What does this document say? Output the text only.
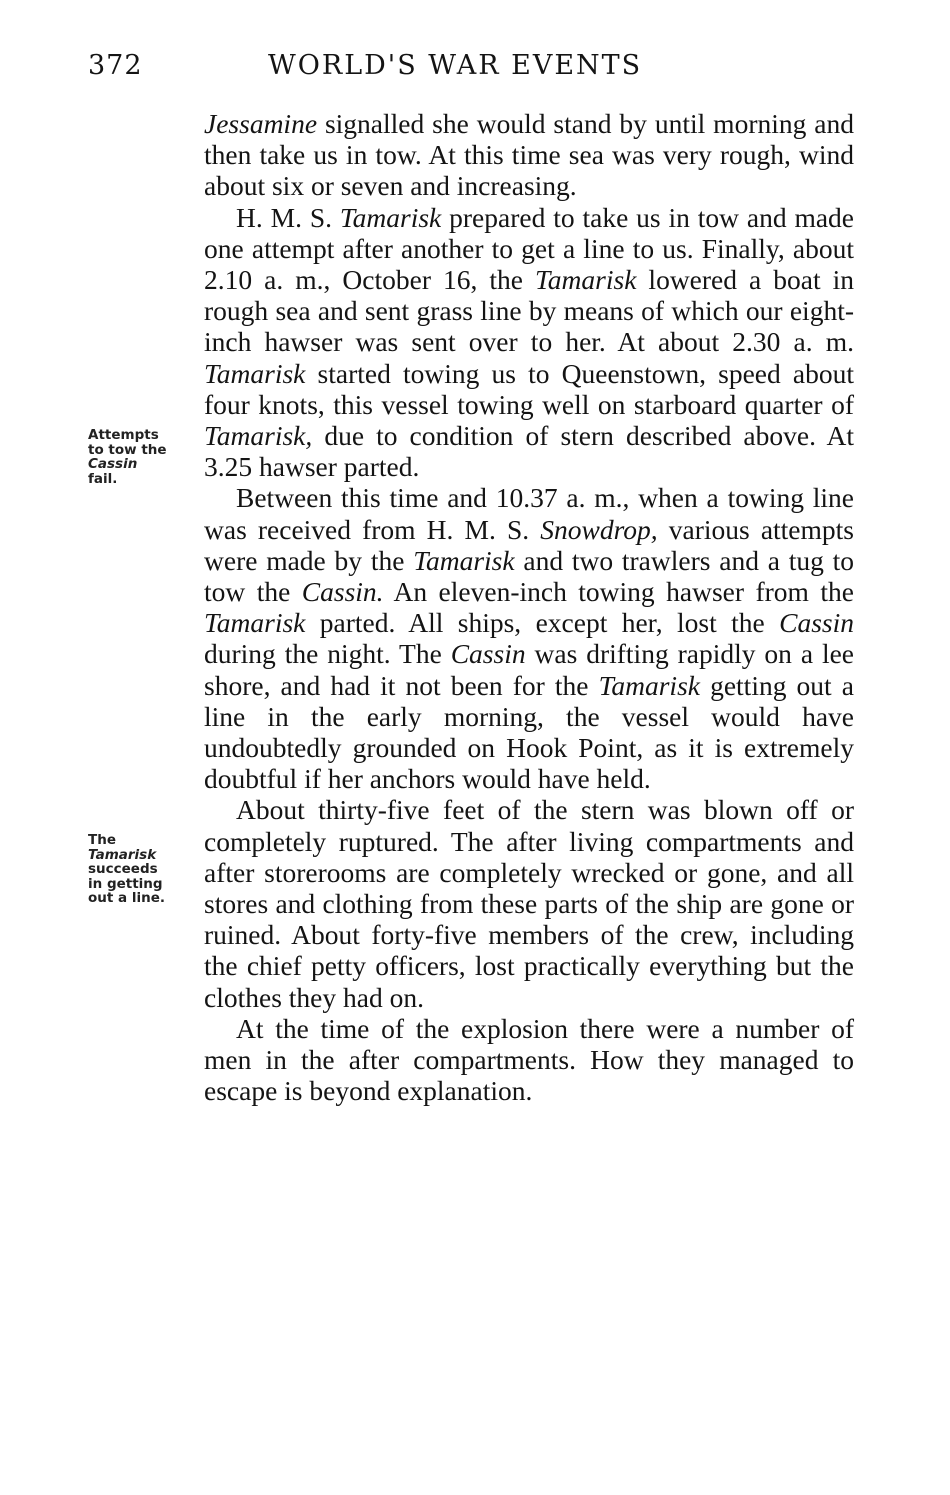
372	WORLD'S WAR EVENTS
Attempts
to tow the
Cassin
fail.
The
Tamarisk
succeeds
in getting
out a line.

Jessamine signalled she would stand by until morning and then take us in tow. At this time sea was very rough, wind about six or seven and increasing.

H. M. S. Tamarisk prepared to take us in tow and made one attempt after another to get a line to us. Finally, about 2.10 a. m., October 16, the Tamarisk lowered a boat in rough sea and sent grass line by means of which our eight-inch hawser was sent over to her. At about 2.30 a. m. Tamarisk started towing us to Queenstown, speed about four knots, this vessel towing well on starboard quarter of Tamarisk, due to condition of stern described above. At 3.25 hawser parted.

Between this time and 10.37 a. m., when a towing line was received from H. M. S. Snowdrop, various attempts were made by the Tamarisk and two trawlers and a tug to tow the Cassin. An eleven-inch towing hawser from the Tamarisk parted. All ships, except her, lost the Cassin during the night. The Cassin was drifting rapidly on a lee shore, and had it not been for the Tamarisk getting out a line in the early morning, the vessel would have undoubtedly grounded on Hook Point, as it is extremely doubtful if her anchors would have held.

About thirty-five feet of the stern was blown off or completely ruptured. The after living compartments and after storerooms are completely wrecked or gone, and all stores and clothing from these parts of the ship are gone or ruined. About forty-five members of the crew, including the chief petty officers, lost practically everything but the clothes they had on.

At the time of the explosion there were a number of men in the after compartments. How they managed to escape is beyond explanation.
